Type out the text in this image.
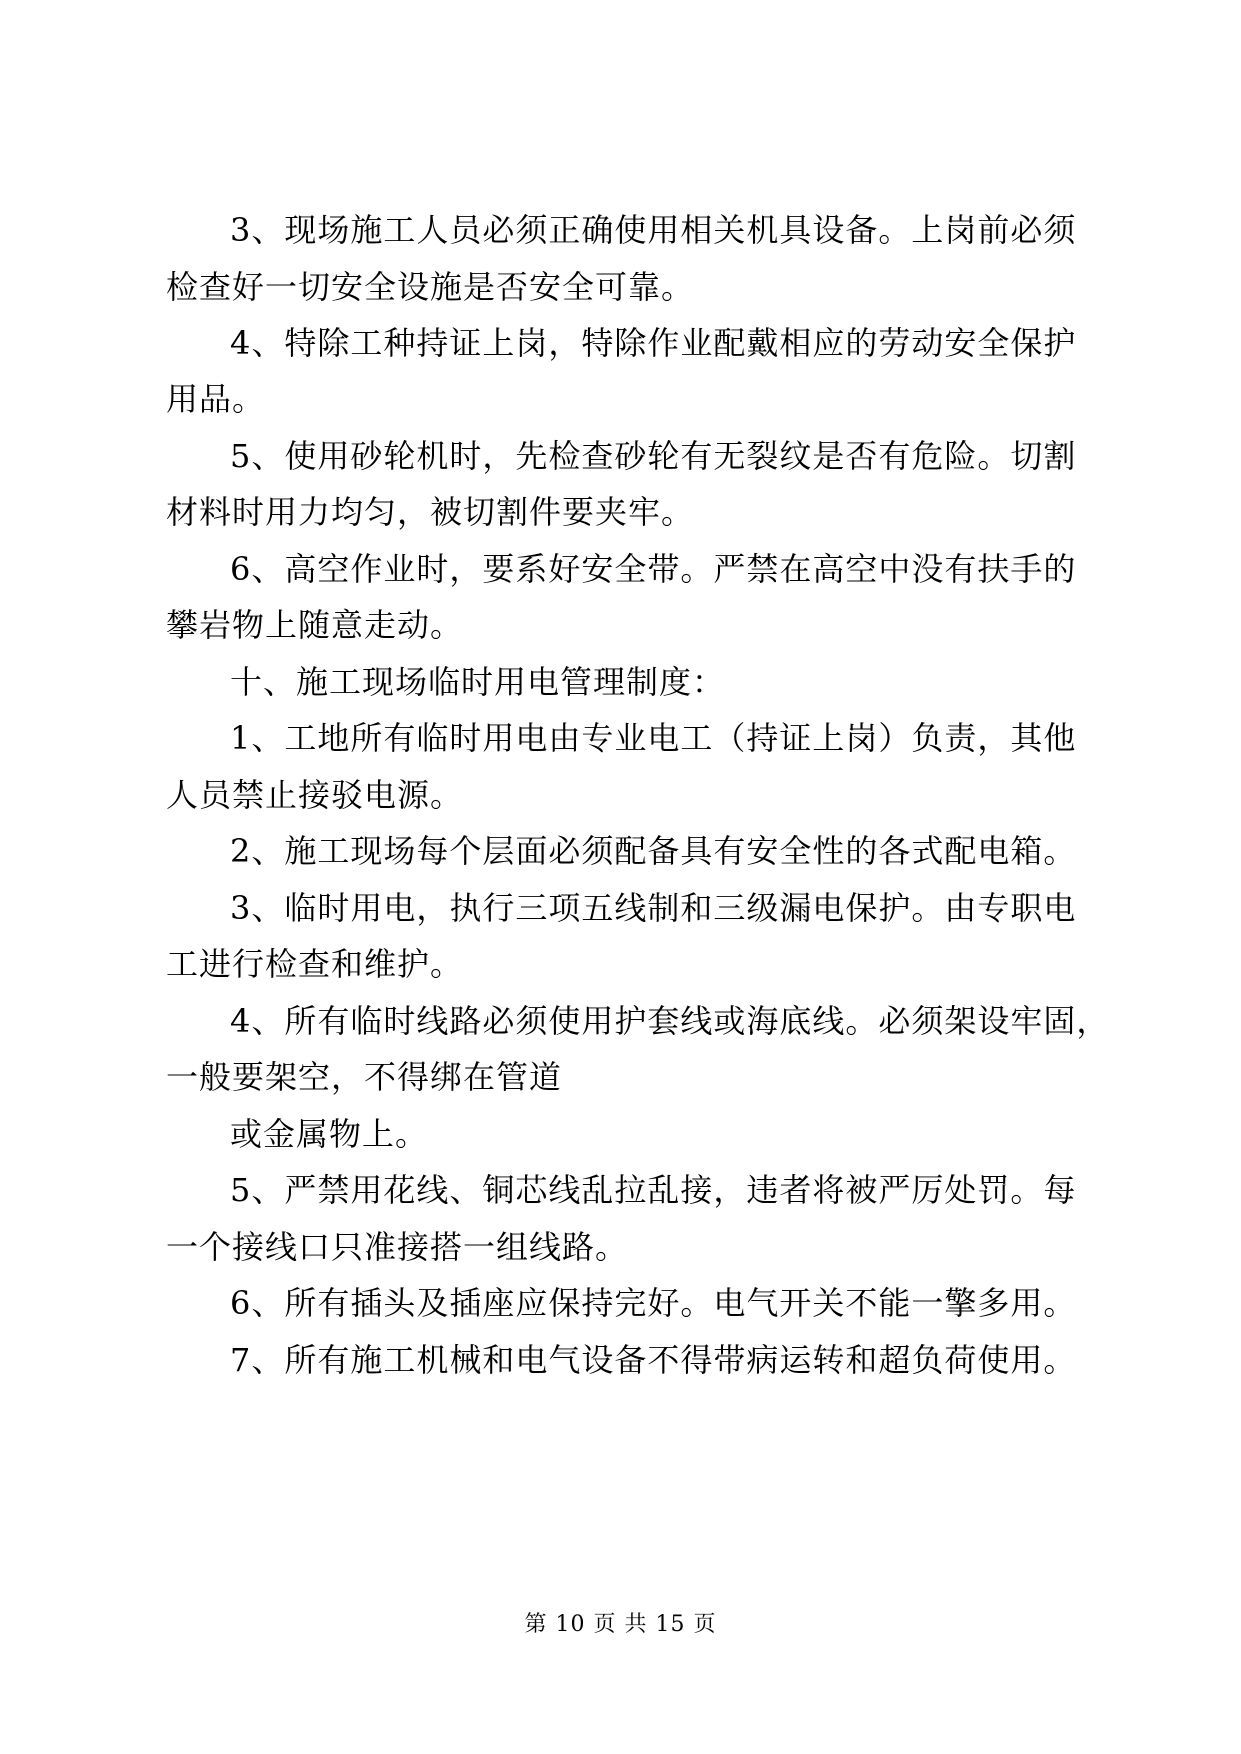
3、现场施工人员必须正确使用相关机具设备。上岗前必须
检查好一切安全设施是否安全可靠。
4、特除工种持证上岗，特除作业配戴相应的劳动安全保护
用品。
5、使用砂轮机时，先检查砂轮有无裂纹是否有危险。切割
材料时用力均匀，被切割件要夹牢。
6、高空作业时，要系好安全带。严禁在高空中没有扶手的
攀岩物上随意走动。
十、施工现场临时用电管理制度：
1、工地所有临时用电由专业电工（持证上岗）负责，其他
人员禁止接驳电源。
2、施工现场每个层面必须配备具有安全性的各式配电箱。
3、临时用电，执行三项五线制和三级漏电保护。由专职电
工进行检查和维护。
4、所有临时线路必须使用护套线或海底线。必须架设牢固，
一般要架空，不得绑在管道
或金属物上。
5、严禁用花线、铜芯线乱拉乱接，违者将被严厉处罚。每
一个接线口只准接搭一组线路。
6、所有插头及插座应保持完好。电气开关不能一擎多用。
7、所有施工机械和电气设备不得带病运转和超负荷使用。
第 10 页 共 15 页
